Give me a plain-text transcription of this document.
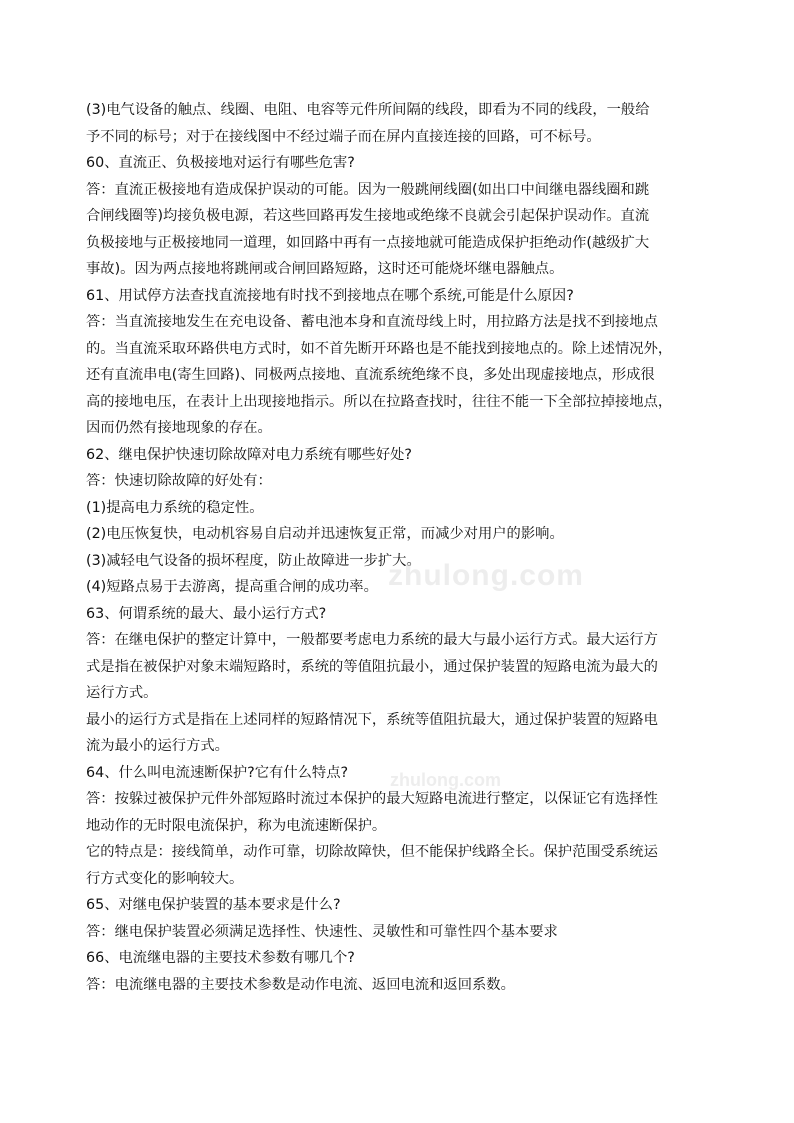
(3)电气设备的触点、线圈、电阻、电容等元件所间隔的线段，即看为不同的线段，一般给
予不同的标号；对于在接线图中不经过端子而在屏内直接连接的回路，可不标号。
60、直流正、负极接地对运行有哪些危害?
答：直流正极接地有造成保护误动的可能。因为一般跳闸线圈(如出口中间继电器线圈和跳
合闸线圈等)均接负极电源，若这些回路再发生接地或绝缘不良就会引起保护误动作。直流
负极接地与正极接地同一道理，如回路中再有一点接地就可能造成保护拒绝动作(越级扩大
事故)。因为两点接地将跳闸或合闸回路短路，这时还可能烧坏继电器触点。
61、用试停方法查找直流接地有时找不到接地点在哪个系统,可能是什么原因?
答：当直流接地发生在充电设备、蓄电池本身和直流母线上时，用拉路方法是找不到接地点
的。当直流采取环路供电方式时，如不首先断开环路也是不能找到接地点的。除上述情况外，
还有直流串电(寄生回路)、同极两点接地、直流系统绝缘不良，多处出现虚接地点，形成很
高的接地电压，在表计上出现接地指示。所以在拉路查找时，往往不能一下全部拉掉接地点，
因而仍然有接地现象的存在。
62、继电保护快速切除故障对电力系统有哪些好处?
答：快速切除故障的好处有：
(1)提高电力系统的稳定性。
(2)电压恢复快，电动机容易自启动并迅速恢复正常，而减少对用户的影响。
(3)减轻电气设备的损坏程度，防止故障进一步扩大。
(4)短路点易于去游离，提高重合闸的成功率。
63、何谓系统的最大、最小运行方式?
答：在继电保护的整定计算中，一般都要考虑电力系统的最大与最小运行方式。最大运行方
式是指在被保护对象末端短路时，系统的等值阻抗最小，通过保护装置的短路电流为最大的
运行方式。
最小的运行方式是指在上述同样的短路情况下，系统等值阻抗最大，通过保护装置的短路电
流为最小的运行方式。
64、什么叫电流速断保护?它有什么特点?
答：按躲过被保护元件外部短路时流过本保护的最大短路电流进行整定，以保证它有选择性
地动作的无时限电流保护，称为电流速断保护。
它的特点是：接线简单，动作可靠，切除故障快，但不能保护线路全长。保护范围受系统运
行方式变化的影响较大。
65、对继电保护装置的基本要求是什么?
答：继电保护装置必须满足选择性、快速性、灵敏性和可靠性四个基本要求
66、电流继电器的主要技术参数有哪几个?
答：电流继电器的主要技术参数是动作电流、返回电流和返回系数。
zhulong.com
zhulong.com
